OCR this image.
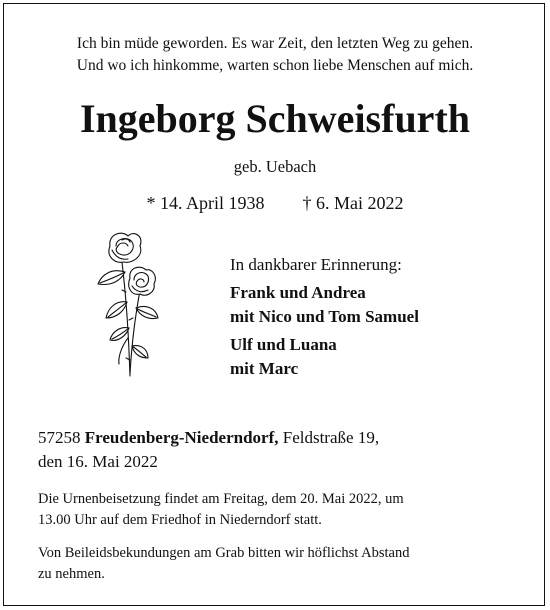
Ich bin müde geworden. Es war Zeit, den letzten Weg zu gehen.
Und wo ich hinkomme, warten schon liebe Menschen auf mich.
Ingeborg Schweisfurth
geb. Uebach
* 14. April 1938 † 6. Mai 2022
In dankbarer Erinnerung:
Frank und Andrea
mit Nico und Tom Samuel
Ulf und Luana
mit Marc
57258 Freudenberg-Niederndorf, Feldstraße 19,
den 16. Mai 2022
Die Urnenbeisetzung findet am Freitag, dem 20. Mai 2022, um
13.00 Uhr auf dem Friedhof in Niederndorf statt.
Von Beileidsbekundungen am Grab bitten wir höflichst Abstand
zu nehmen.
